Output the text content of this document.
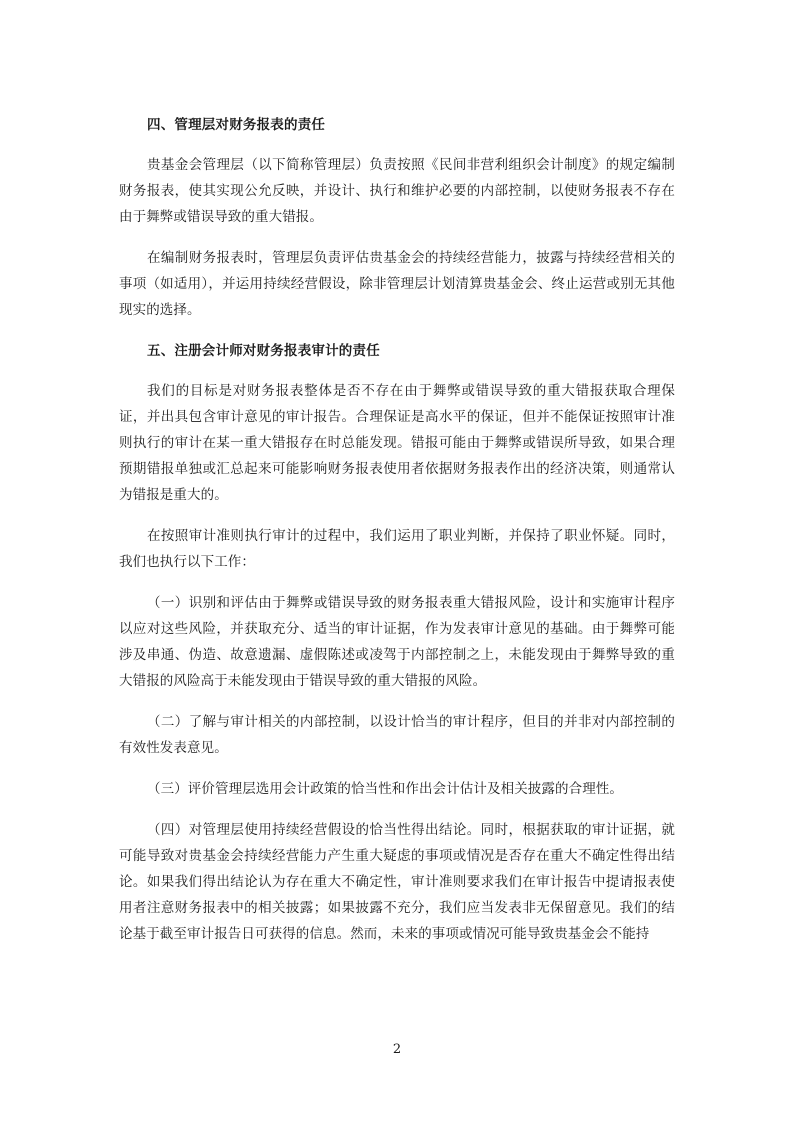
四、管理层对财务报表的责任

贵基金会管理层（以下简称管理层）负责按照《民间非营利组织会计制度》的规定编制财务报表，使其实现公允反映，并设计、执行和维护必要的内部控制，以使财务报表不存在由于舞弊或错误导致的重大错报。

在编制财务报表时，管理层负责评估贵基金会的持续经营能力，披露与持续经营相关的事项（如适用），并运用持续经营假设，除非管理层计划清算贵基金会、终止运营或别无其他现实的选择。

五、注册会计师对财务报表审计的责任

我们的目标是对财务报表整体是否不存在由于舞弊或错误导致的重大错报获取合理保证，并出具包含审计意见的审计报告。合理保证是高水平的保证，但并不能保证按照审计准则执行的审计在某一重大错报存在时总能发现。错报可能由于舞弊或错误所导致，如果合理预期错报单独或汇总起来可能影响财务报表使用者依据财务报表作出的经济决策，则通常认为错报是重大的。

在按照审计准则执行审计的过程中，我们运用了职业判断，并保持了职业怀疑。同时，我们也执行以下工作：

（一）识别和评估由于舞弊或错误导致的财务报表重大错报风险，设计和实施审计程序以应对这些风险，并获取充分、适当的审计证据，作为发表审计意见的基础。由于舞弊可能涉及串通、伪造、故意遗漏、虚假陈述或凌驾于内部控制之上，未能发现由于舞弊导致的重大错报的风险高于未能发现由于错误导致的重大错报的风险。

（二）了解与审计相关的内部控制，以设计恰当的审计程序，但目的并非对内部控制的有效性发表意见。

（三）评价管理层选用会计政策的恰当性和作出会计估计及相关披露的合理性。

（四）对管理层使用持续经营假设的恰当性得出结论。同时，根据获取的审计证据，就可能导致对贵基金会持续经营能力产生重大疑虑的事项或情况是否存在重大不确定性得出结论。如果我们得出结论认为存在重大不确定性，审计准则要求我们在审计报告中提请报表使用者注意财务报表中的相关披露；如果披露不充分，我们应当发表非无保留意见。我们的结论基于截至审计报告日可获得的信息。然而，未来的事项或情况可能导致贵基金会不能持

2
